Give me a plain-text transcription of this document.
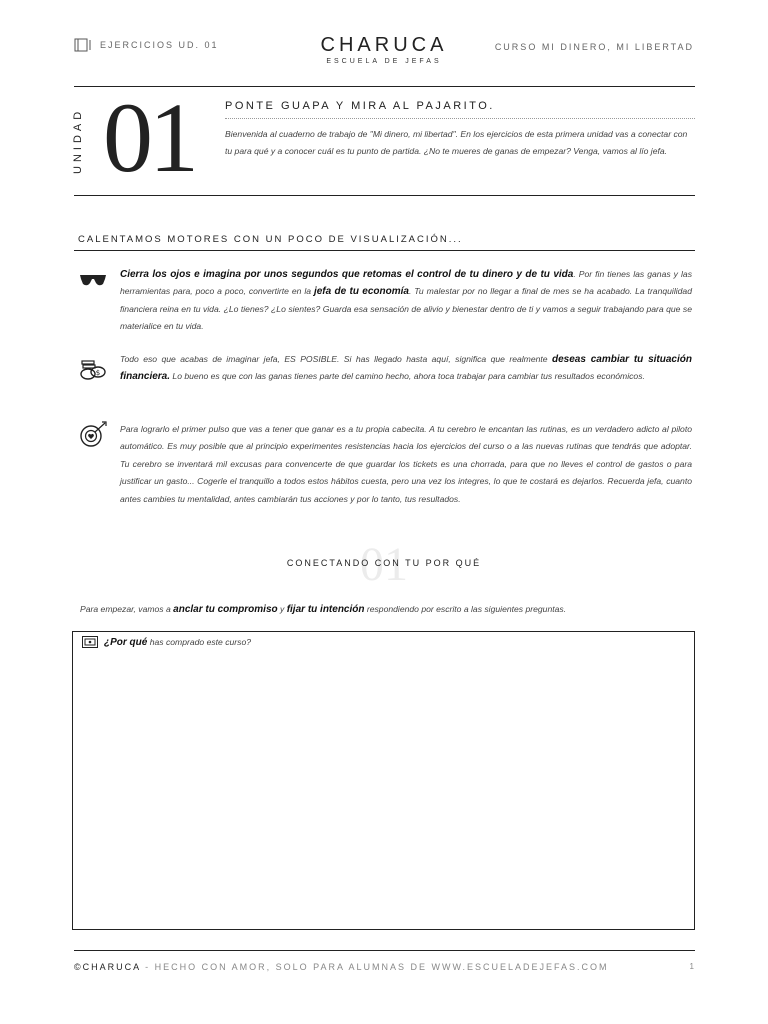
EJERCICIOS UD. 01	CHARUCA
ESCUELA DE JEFAS
CURSO MI DINERO, MI LIBERTAD
UNIDAD 01	PONTE GUAPA Y MIRA AL PAJARITO.
Bienvenida al cuaderno de trabajo de "Mi dinero, mi libertad". En los ejercicios de esta primera unidad vas a conectar con tu para qué y a conocer cuál es tu punto de partida. ¿No te mueres de ganas de empezar? Venga, vamos al lío jefa.
CALENTAMOS MOTORES CON UN POCO DE VISUALIZACIÓN...
Cierra los ojos e imagina por unos segundos que retomas el control de tu dinero y de tu vida. Por fin tienes las ganas y las herramientas para, poco a poco, convertirte en la jefa de tu economía. Tu malestar por no llegar a final de mes se ha acabado. La tranquilidad financiera reina en tu vida. ¿Lo tienes? ¿Lo sientes? Guarda esa sensación de alivio y bienestar dentro de ti y vamos a seguir trabajando para que se materialice en tu vida.
$
Todo eso que acabas de imaginar jefa, ES POSIBLE. Si has llegado hasta aquí, significa que realmente deseas cambiar tu situación financiera. Lo bueno es que con las ganas tienes parte del camino hecho, ahora toca trabajar para cambiar tus resultados económicos.
Para lograrlo el primer pulso que vas a tener que ganar es a tu propia cabecita. A tu cerebro le encantan las rutinas, es un verdadero adicto al piloto automático. Es muy posible que al principio experimentes resistencias hacia los ejercicios del curso o a las nuevas rutinas que tendrás que adoptar. Tu cerebro se inventará mil excusas para convencerte de que guardar los tickets es una chorrada, para que no lleves el control de gastos o para justificar un gasto... Cogerle el tranquillo a todos estos hábitos cuesta, pero una vez los integres, lo que te costará es dejarlos. Recuerda jefa, cuanto antes cambies tu mentalidad, antes cambiarán tus acciones y por lo tanto, tus resultados.
01
CONECTANDO CON TU POR QUÉ
Para empezar, vamos a anclar tu compromiso y fijar tu intención respondiendo por escrito a las siguientes preguntas.
¿Por qué has comprado este curso?
©CHARUCA - HECHO CON AMOR, SOLO PARA ALUMNAS DE WWW.ESCUELADEJEFAS.COM	1
